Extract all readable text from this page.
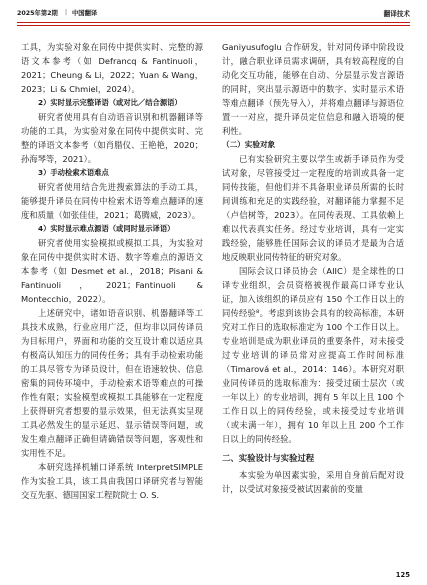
2025年第2期 | 中国翻译	翻译技术

工具，为实验对象在同传中提供实时、完整的源语文本参考（如 Defrancq & Fantinuoli，2021；Cheung & Li，2022；Yuan & Wang，2023；Li & Chmiel，2024）。

2）实时显示完整译语（或对比／结合源语）

研究者使用具有自动语音识别和机器翻译等功能的工具，为实验对象在同传中提供实时、完整的译语文本参考（如肖腊仪、王艳艳，2020；孙海琴等，2021）。

3）手动检索术语难点

研究者使用结合先进搜索算法的手动工具，能够提升译员在同传中检索术语等难点翻译的速度和质量（如张佳佳，2021；葛腾威，2023）。

4）实时显示难点源语（或同时显示译语）

研究者使用实验模拟或模拟工具，为实验对象在同传中提供实时术语、数字等难点的源语文本参考（如 Desmet et al.，2018；Pisani & Fantinuoli，2021；Fantinuoli & Montecchio，2022）。

上述研究中，诸如语音识别、机器翻译等工具技术成熟，行业应用广泛，但均非以同传译员为目标用户，界面和功能的交互设计难以适应具有极高认知压力的同传任务；具有手动检索功能的工具尽管专为译员设计，但在语速较快、信息密集的同传环境中，手动检索术语等难点的可操作性有限；实验模型或模拟工具能够在一定程度上获得研究者想要的显示效果，但无法真实呈现工具必然发生的显示延迟、显示错误等问题，或发生难点翻译正确但请确错误等问题，客观性和实用性不足。

本研究选择机辅口译系统 InterpretSIMPLE 作为实验工具，该工具由我国口译研究者与智能交互先驱、德国国家工程院院士 O. S.

Ganiyusufoglu 合作研发，针对同传译中阶段设计，融合职业译员需求调研，具有较高程度的自动化交互功能，能够在自动、分层显示发言源语的同时，突出显示源语中的数字、实时显示术语等难点翻译（预先导入），并将难点翻译与源语位置一一对应，提升译员定位信息和融入语境的便利性。

（二）实验对象

已有实验研究主要以学生或新手译员作为受试对象，尽管接受过一定程度的培训或具备一定同传技能，但他们并不具备职业译员所需的长时间训练和充足的实践经验，对翻译能力掌握不足（卢信树等，2023）。在同传表现、工具依赖上难以代表真实任务。经过专业培训，具有一定实践经验，能够胜任国际会议的译员才是最为合适地反映职业同传特征的研究对象。

国际会议口译员协会（AIIC）是全球性的口译专业组织，会员资格被视作最高口译专业认证，加入该组织的译员应有 150 个工作日以上的同传经验⁸。考虑到该协会具有的较高标准，本研究对工作日的选取标准定为 100 个工作日以上。专业培训是成为职业译员的重要条件，对未接受过专业培训的译员常对应提高工作时间标准（Timarová et al.，2014：146）。本研究对职业同传译员的选取标准为：接受过硕士层次（或一年以上）的专业培训，拥有 5 年以上且 100 个工作日以上的同传经验，或未接受过专业培训（或未满一年），拥有 10 年以上且 200 个工作日以上的同传经验。

二、实验设计与实验过程

本实验为单因素实验，采用自身前后配对设计，以受试对象接受被试因素前的变量

125
